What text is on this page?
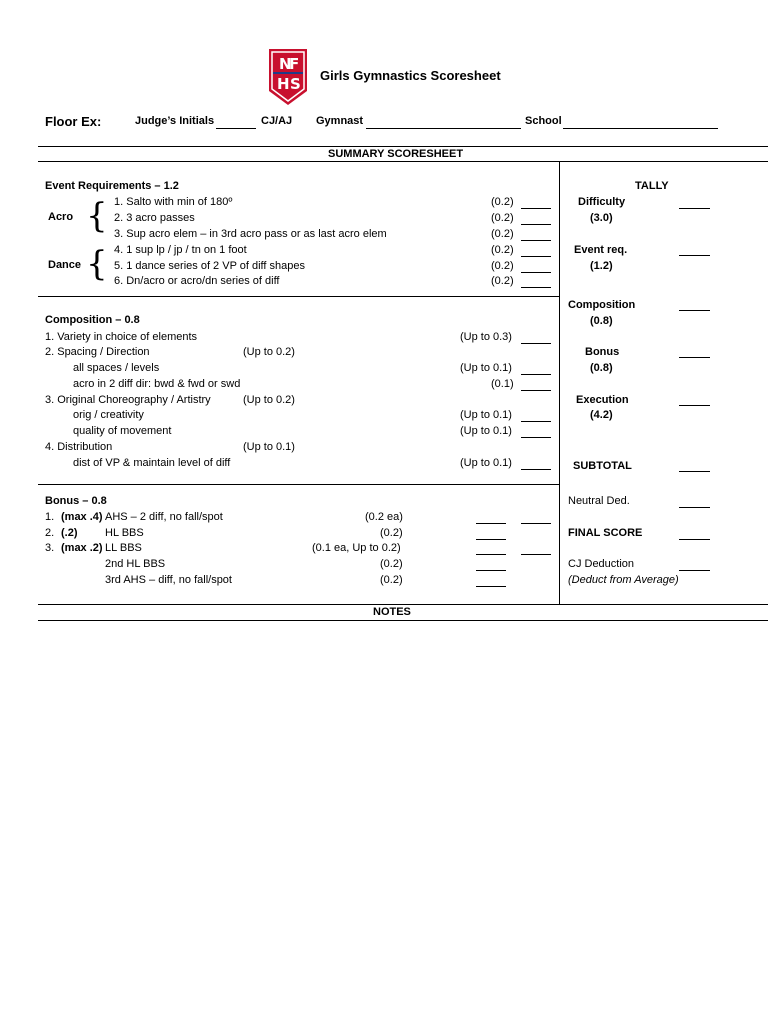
N
F
H S Girls Gymnastics Scoresheet
Floor Ex:	Judge’s Initials	CJ/AJ Gymnast	School
SUMMARY SCORESHEET
NOTES
Event Requirements – 1.2
Acro {
Dance {
1. Salto with min of 180º	(0.2)
2. 3 acro passes	(0.2)
3. Sup acro elem – in 3rd acro pass or as last acro elem	(0.2)
4. 1 sup lp / jp / tn on 1 foot	(0.2)
5. 1 dance series of 2 VP of diff shapes	(0.2)
6. Dn/acro or acro/dn series of diff	(0.2)
Composition – 0.8
1. Variety in choice of elements	(Up to 0.3)
2. Spacing / Direction	(Up to 0.2)
all spaces / levels	(Up to 0.1)
acro in 2 diff dir: bwd & fwd or swd	(0.1)
3. Original Choreography / Artistry	(Up to 0.2)
orig / creativity	(Up to 0.1)
quality of movement	(Up to 0.1)
4. Distribution	(Up to 0.1)
dist of VP & maintain level of diff	(Up to 0.1)
Bonus – 0.8
1. (max .4) AHS – 2 diff, no fall/spot	(0.2 ea)
2. (.2)	HL BBS	(0.2)
3. (max .2) LL BBS	(0.1 ea, Up to 0.2)
2nd HL BBS	(0.2)
3rd AHS – diff, no fall/spot	(0.2)
TALLY
Difficulty
(3.0)
Event req.
(1.2)
Composition
(0.8)
Bonus
(0.8)
Execution
(4.2)
SUBTOTAL
Neutral Ded.
FINAL SCORE
CJ Deduction
(Deduct from Average)
